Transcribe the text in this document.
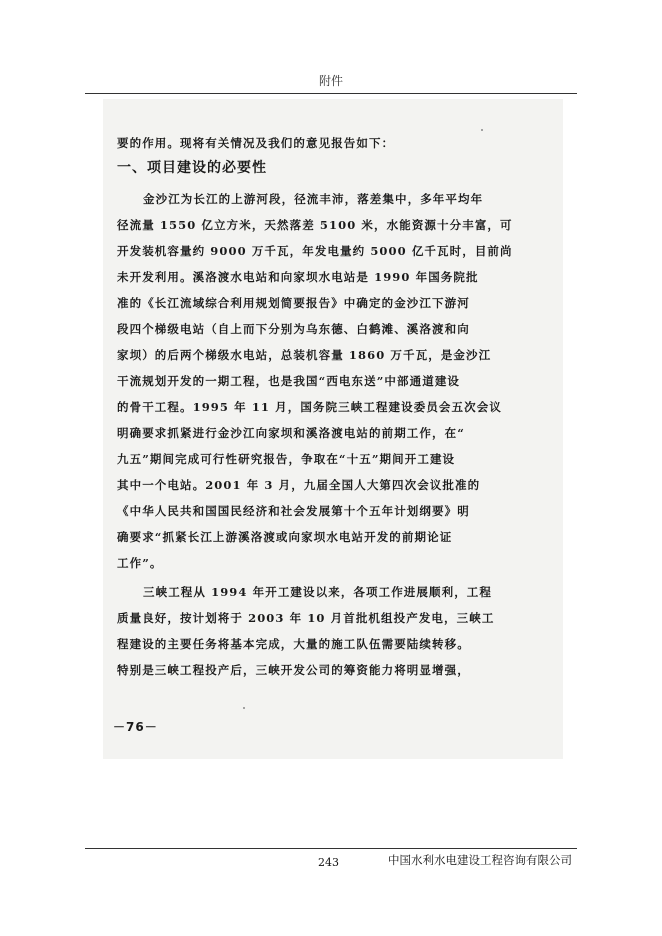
附件

要的作用。现将有关情况及我们的意见报告如下：

一、项目建设的必要性

金沙江为长江的上游河段，径流丰沛，落差集中，多年平均年

径流量 1550 亿立方米，天然落差 5100 米，水能资源十分丰富，可

开发装机容量约 9000 万千瓦，年发电量约 5000 亿千瓦时，目前尚

未开发利用。溪洛渡水电站和向家坝水电站是 1990 年国务院批

准的《长江流域综合利用规划简要报告》中确定的金沙江下游河

段四个梯级电站（自上而下分别为乌东德、白鹤滩、溪洛渡和向

家坝）的后两个梯级水电站，总装机容量 1860 万千瓦，是金沙江

干流规划开发的一期工程，也是我国“西电东送”中部通道建设

的骨干工程。1995 年 11 月，国务院三峡工程建设委员会五次会议

明确要求抓紧进行金沙江向家坝和溪洛渡电站的前期工作，在“

九五”期间完成可行性研究报告，争取在“十五”期间开工建设

其中一个电站。2001 年 3 月，九届全国人大第四次会议批准的

《中华人民共和国国民经济和社会发展第十个五年计划纲要》明

确要求“抓紧长江上游溪洛渡或向家坝水电站开发的前期论证

工作”。

三峡工程从 1994 年开工建设以来，各项工作进展顺利，工程

质量良好，按计划将于 2003 年 10 月首批机组投产发电，三峡工

程建设的主要任务将基本完成，大量的施工队伍需要陆续转移。

特别是三峡工程投产后，三峡开发公司的筹资能力将明显增强，

－76－

243	中国水利水电建设工程咨询有限公司
